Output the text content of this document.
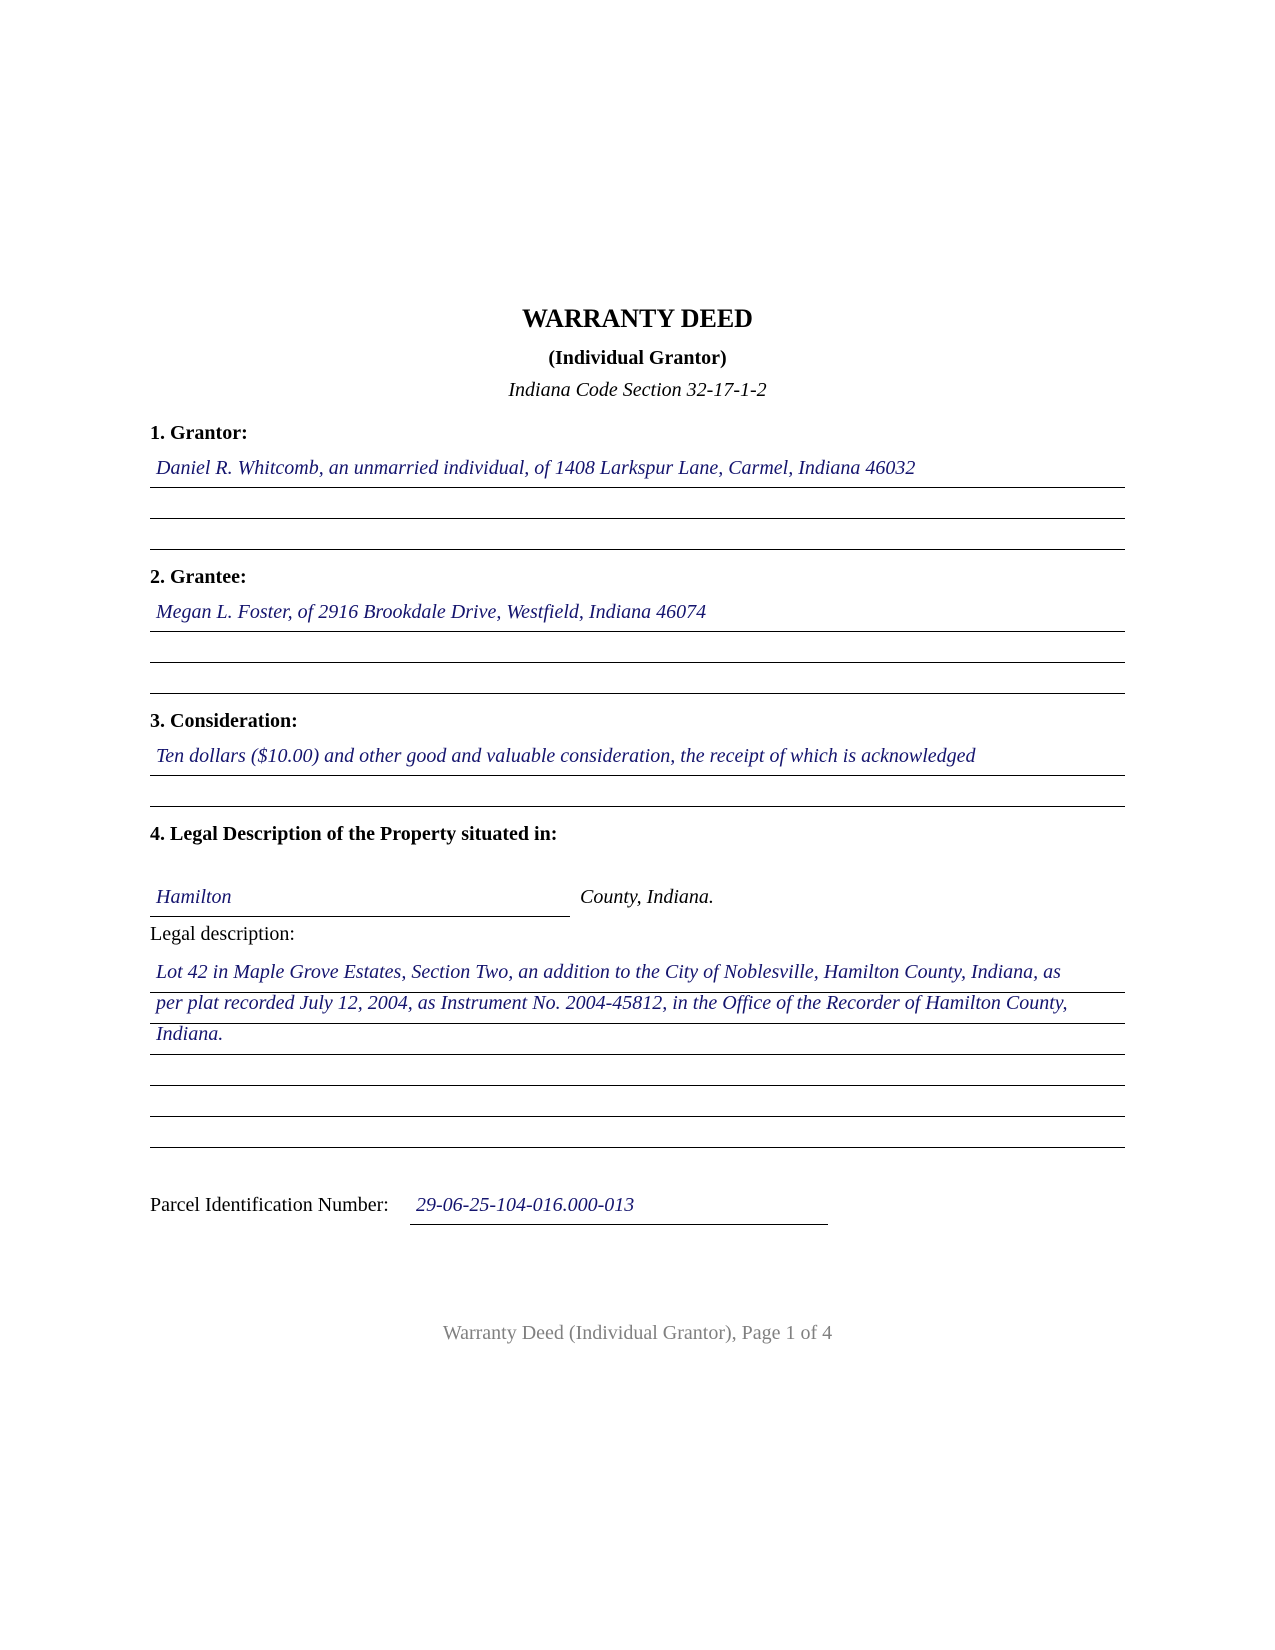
WARRANTY DEED
(Individual Grantor)
Indiana Code Section 32-17-1-2
1. Grantor:
Daniel R. Whitcomb, an unmarried individual, of 1408 Larkspur Lane, Carmel, Indiana 46032
2. Grantee:
Megan L. Foster, of 2916 Brookdale Drive, Westfield, Indiana 46074
3. Consideration:
Ten dollars ($10.00) and other good and valuable consideration, the receipt of which is acknowledged
4. Legal Description of the Property situated in:
Hamilton	County, Indiana.
Legal description:
Lot 42 in Maple Grove Estates, Section Two, an addition to the City of Noblesville, Hamilton County, Indiana, as
per plat recorded July 12, 2004, as Instrument No. 2004-45812, in the Office of the Recorder of Hamilton County,
Indiana.
Parcel Identification Number: 29-06-25-104-016.000-013
Warranty Deed (Individual Grantor), Page 1 of 4
